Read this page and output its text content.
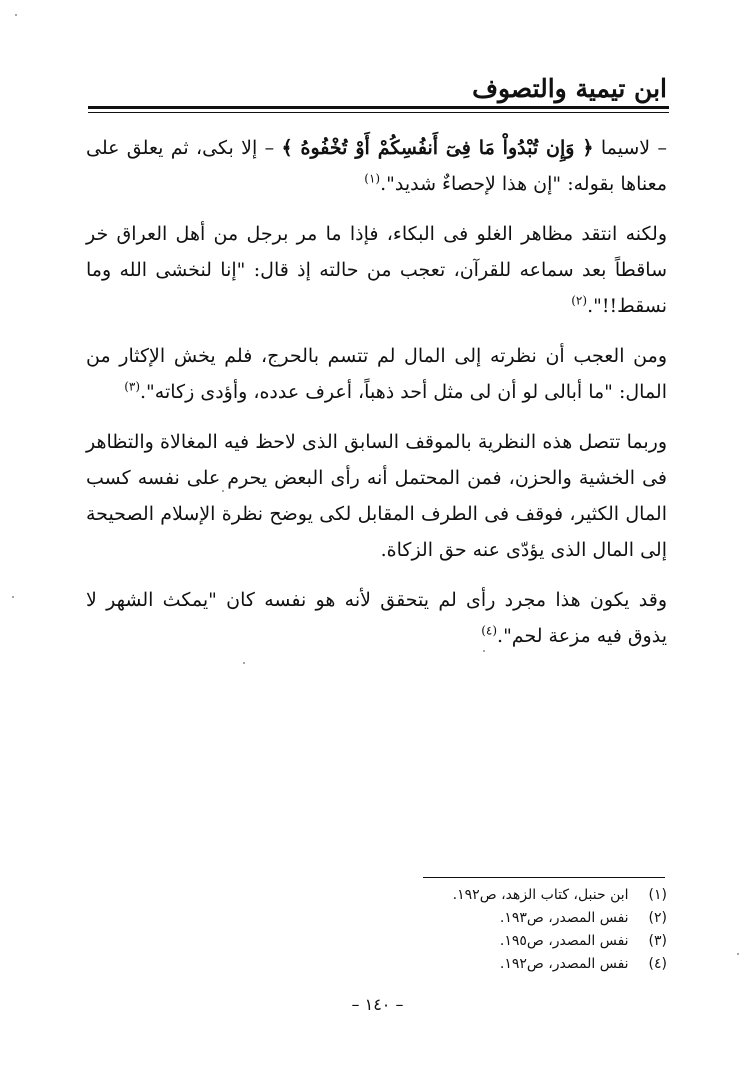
ابن تيمية والتصوف

– لاسيما ﴿ وَإِن تُبْدُواْ مَا فِىٓ أَنفُسِكُمْ أَوْ تُخْفُوهُ ﴾ – إلا بكى، ثم يعلق على معناها بقوله: "إن هذا لإحصاءٌ شديد".$^{(١)}$

ولكنه انتقد مظاهر الغلو فى البكاء، فإذا ما مر برجل من أهل العراق خر ساقطاً بعد سماعه للقرآن، تعجب من حالته إذ قال: "إنا لنخشى الله وما نسقط!!".$^{(٢)}$

ومن العجب أن نظرته إلى المال لم تتسم بالحرج، فلم يخش الإكثار من المال: "ما أبالى لو أن لى مثل أحد ذهباً، أعرف عدده، وأؤدى زكاته".$^{(٣)}$

وربما تتصل هذه النظرية بالموقف السابق الذى لاحظ فيه المغالاة والتظاهر فى الخشية والحزن، فمن المحتمل أنه رأى البعض يحرم على نفسه كسب المال الكثير، فوقف فى الطرف المقابل لكى يوضح نظرة الإسلام الصحيحة إلى المال الذى يؤدّى عنه حق الزكاة.

وقد يكون هذا مجرد رأى لم يتحقق لأنه هو نفسه كان "يمكث الشهر لا يذوق فيه مزعة لحم".$^{(٤)}$

(١) ابن حنبل، كتاب الزهد، ص١٩٢.
(٢) نفس المصدر، ص١٩٣.
(٣) نفس المصدر، ص١٩٥.
(٤) نفس المصدر، ص١٩٢.
– ١٤٠ –
